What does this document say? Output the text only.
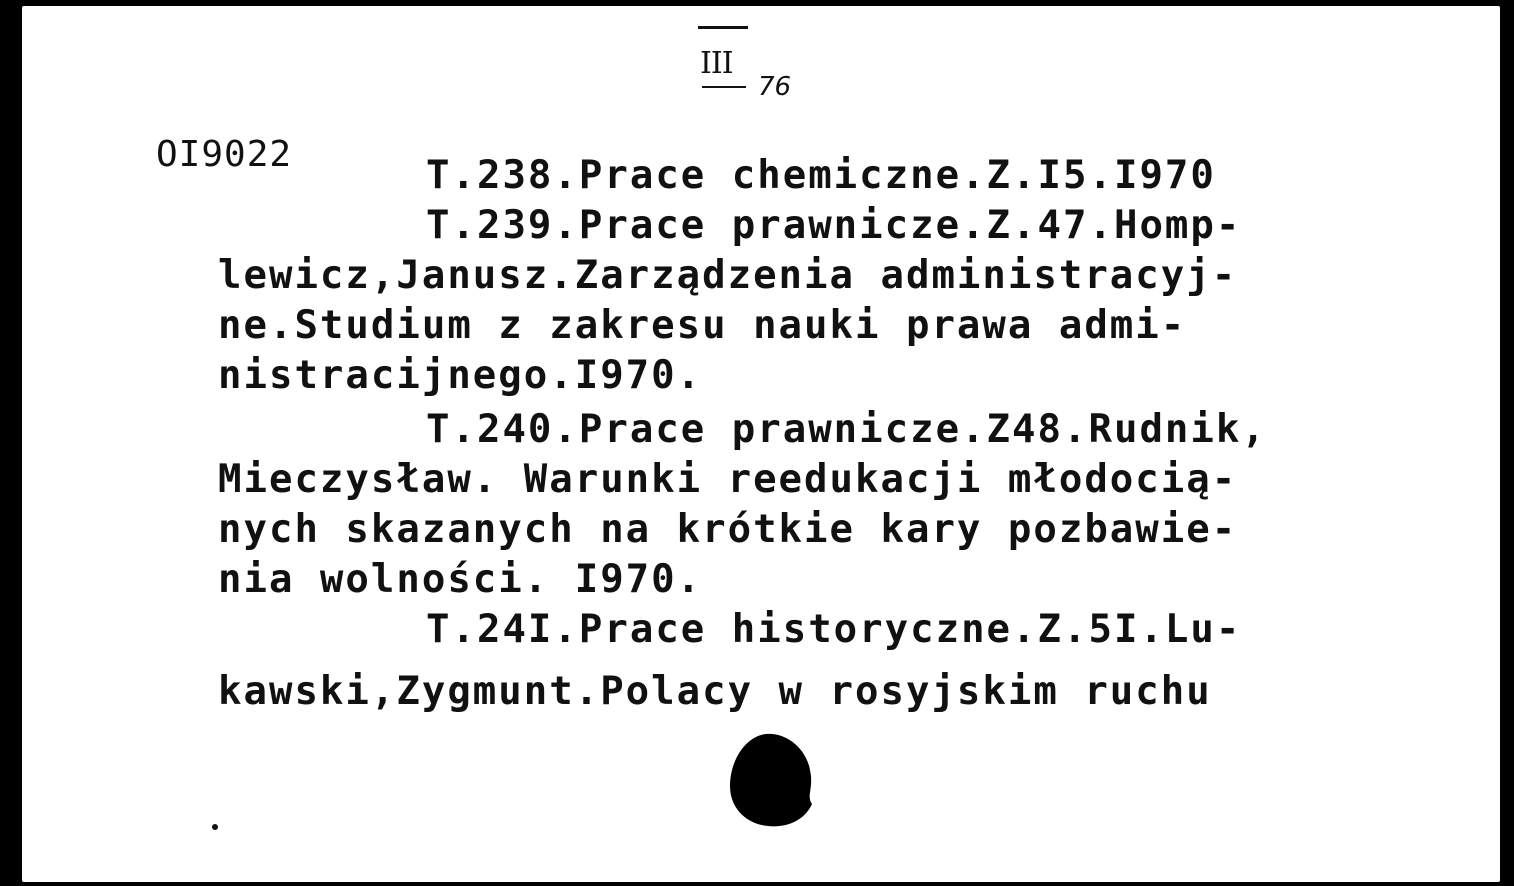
III
76
OI9022	T.238.Prace chemiczne.Z.I5.I970
T.239.Prace prawnicze.Z.47.Homp-
lewicz,Janusz.Zarządzenia administracyj-
ne.Studium z zakresu nauki prawa admi-
nistracijnego.I970.
T.240.Prace prawnicze.Z48.Rudnik,
Mieczysław. Warunki reedukacji młodocią-
nych skazanych na krótkie kary pozbawie-
nia wolności. I970.
T.24I.Prace historyczne.Z.5I.Lu-
kawski,Zygmunt.Polacy w rosyjskim ruchu
